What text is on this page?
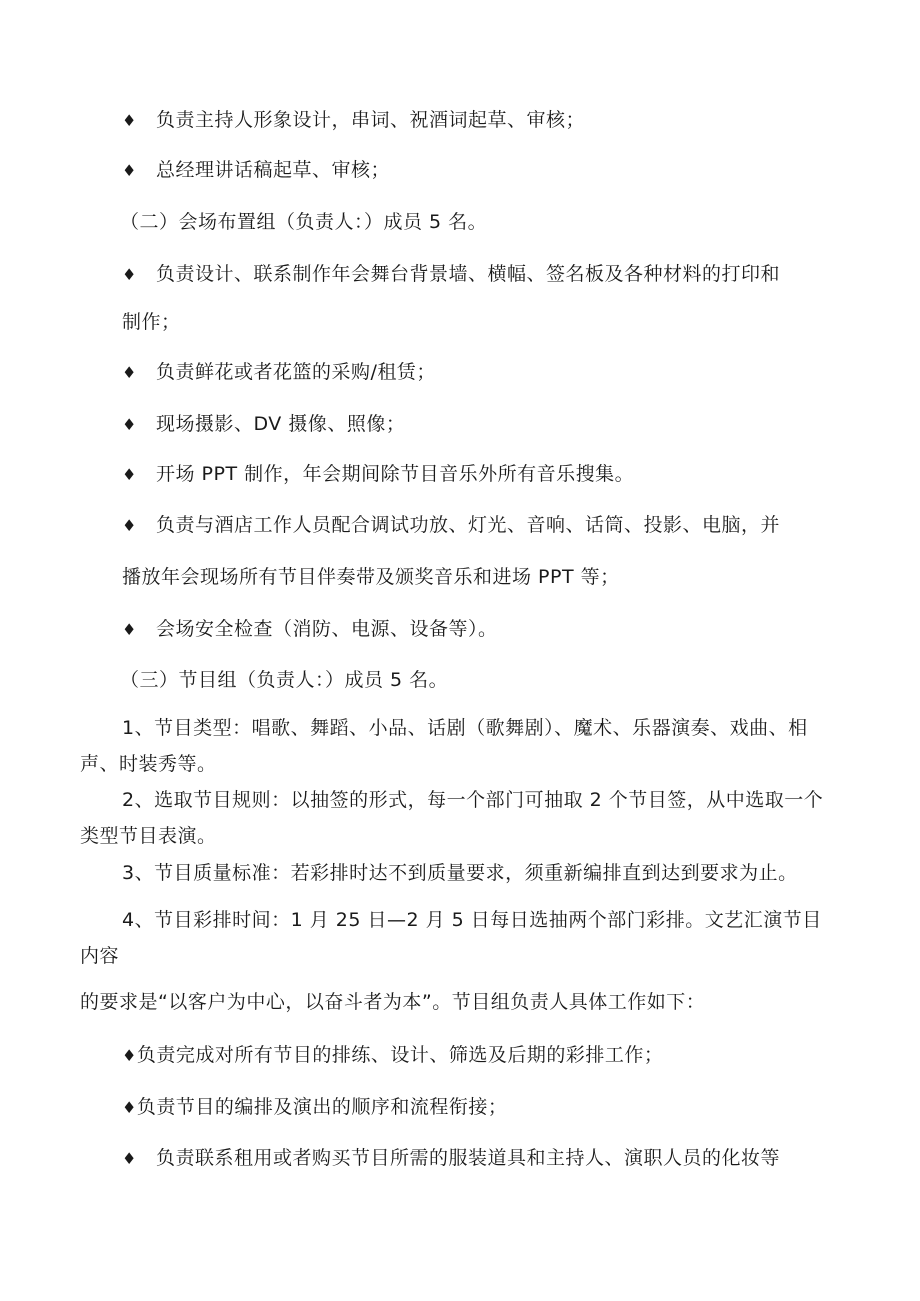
♦ 负责主持人形象设计，串词、祝酒词起草、审核；
♦ 总经理讲话稿起草、审核；
（二）会场布置组（负责人：）成员 5 名。
♦ 负责设计、联系制作年会舞台背景墙、横幅、签名板及各种材料的打印和
制作；
♦ 负责鲜花或者花篮的采购/租赁；
♦ 现场摄影、DV 摄像、照像；
♦ 开场 PPT 制作，年会期间除节目音乐外所有音乐搜集。
♦ 负责与酒店工作人员配合调试功放、灯光、音响、话筒、投影、电脑，并
播放年会现场所有节目伴奏带及颁奖音乐和进场 PPT 等；
♦ 会场安全检查（消防、电源、设备等）。
（三）节目组（负责人：）成员 5 名。
1、节目类型：唱歌、舞蹈、小品、话剧（歌舞剧）、魔术、乐器演奏、戏曲、相
声、时装秀等。
2、选取节目规则：以抽签的形式，每一个部门可抽取 2 个节目签，从中选取一个
类型节目表演。
3、节目质量标准：若彩排时达不到质量要求，须重新编排直到达到要求为止。
4、节目彩排时间：1 月 25 日—2 月 5 日每日选抽两个部门彩排。文艺汇演节目
内容
的要求是“以客户为中心，以奋斗者为本”。节目组负责人具体工作如下：
♦负责完成对所有节目的排练、设计、筛选及后期的彩排工作；
♦负责节目的编排及演出的顺序和流程衔接；
♦ 负责联系租用或者购买节目所需的服装道具和主持人、演职人员的化妆等
